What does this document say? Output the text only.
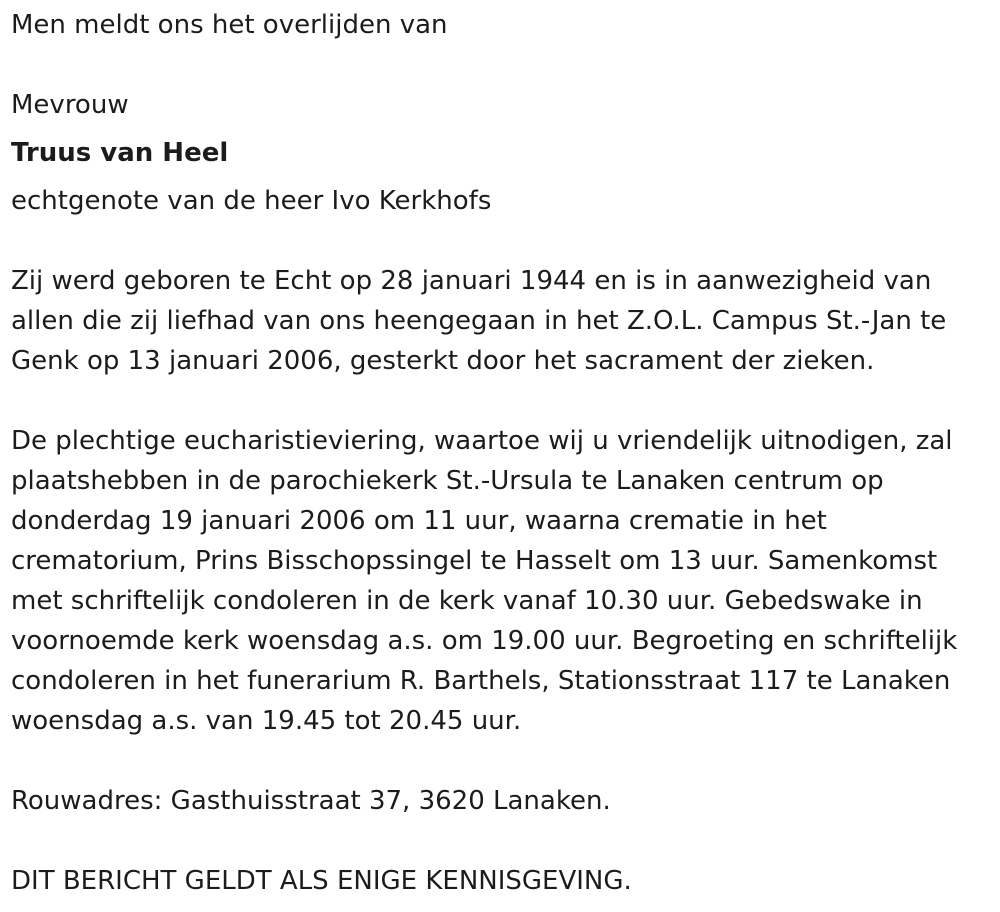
Men meldt ons het overlijden van
Mevrouw
Truus van Heel
echtgenote van de heer Ivo Kerkhofs
Zij werd geboren te Echt op 28 januari 1944 en is in aanwezigheid van
allen die zij liefhad van ons heengegaan in het Z.O.L. Campus St.-Jan te
Genk op 13 januari 2006, gesterkt door het sacrament der zieken.
De plechtige eucharistieviering, waartoe wij u vriendelijk uitnodigen, zal
plaatshebben in de parochiekerk St.-Ursula te Lanaken centrum op
donderdag 19 januari 2006 om 11 uur, waarna crematie in het
crematorium, Prins Bisschopssingel te Hasselt om 13 uur. Samenkomst
met schriftelijk condoleren in de kerk vanaf 10.30 uur. Gebedswake in
voornoemde kerk woensdag a.s. om 19.00 uur. Begroeting en schriftelijk
condoleren in het funerarium R. Barthels, Stationsstraat 117 te Lanaken
woensdag a.s. van 19.45 tot 20.45 uur.
Rouwadres: Gasthuisstraat 37, 3620 Lanaken.
DIT BERICHT GELDT ALS ENIGE KENNISGEVING.
